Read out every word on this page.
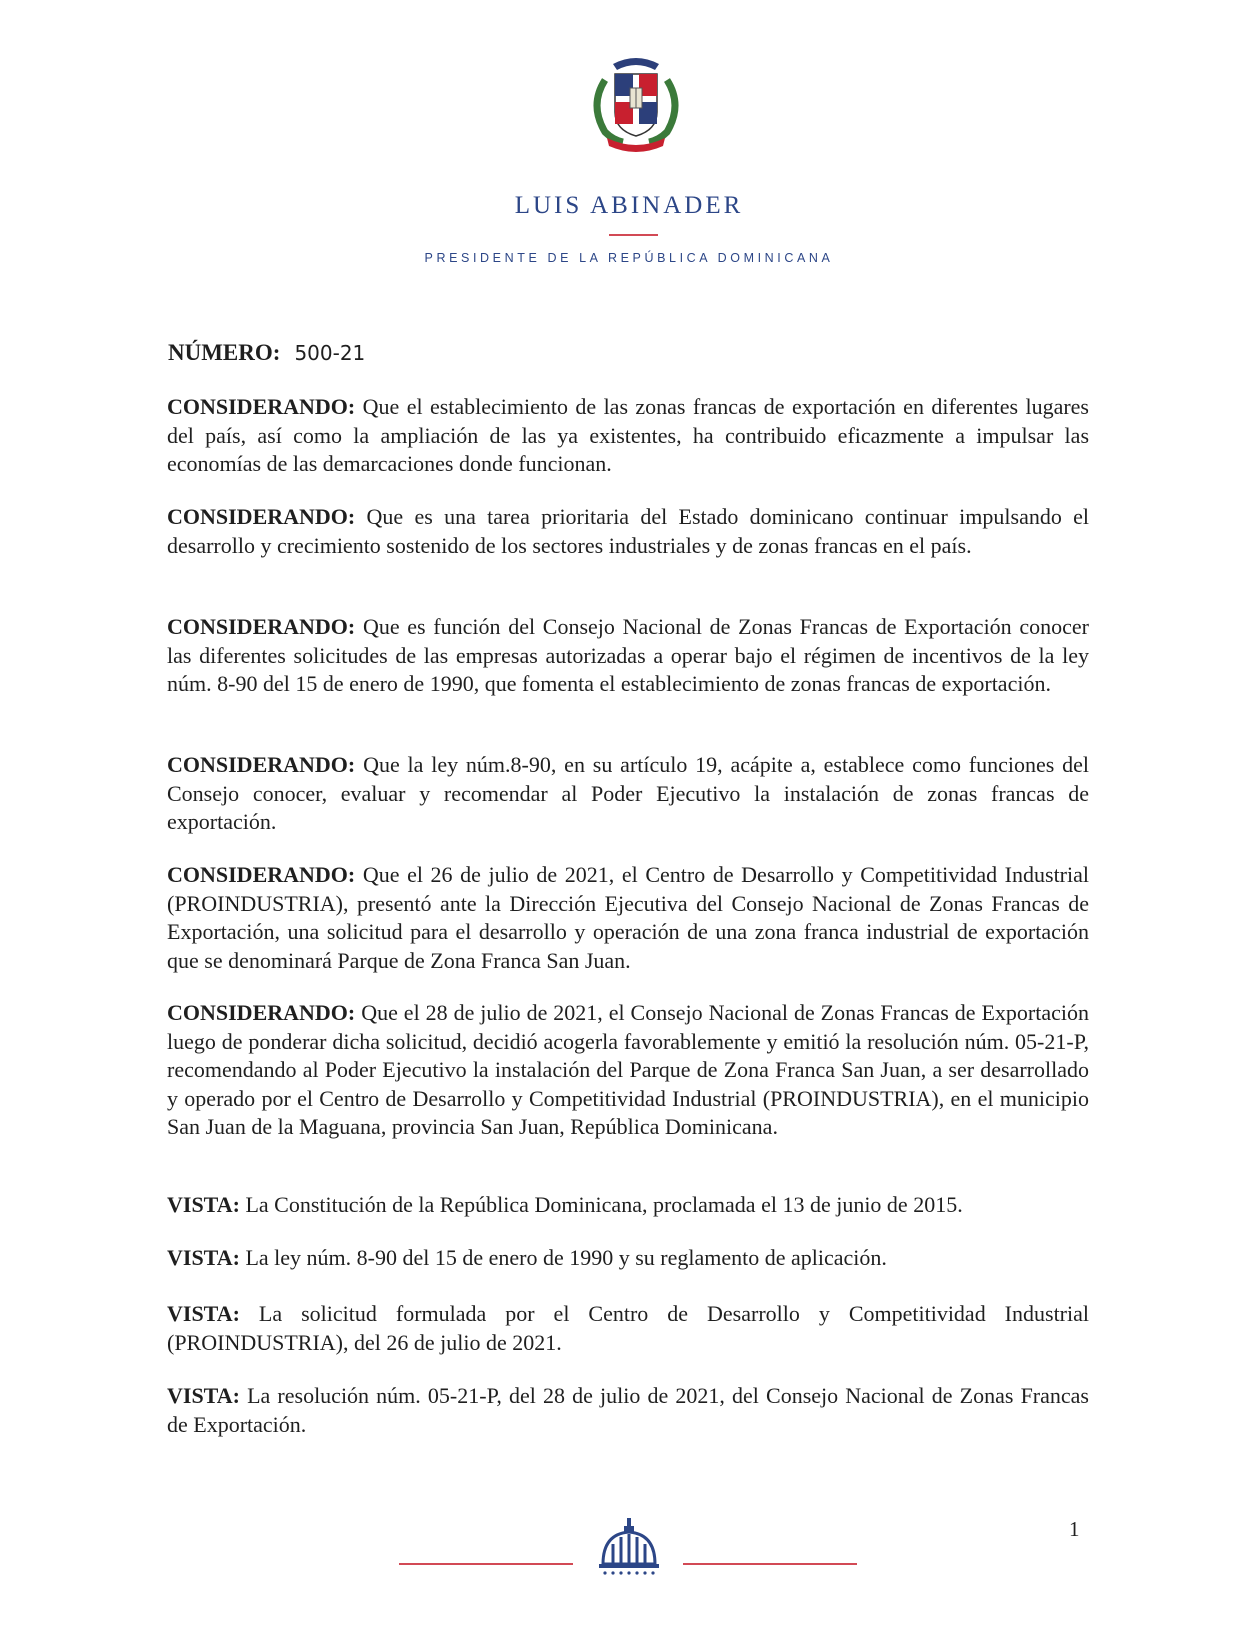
LUIS ABINADER
PRESIDENTE DE LA REPÚBLICA DOMINICANA
NÚMERO: 500-21

CONSIDERANDO: Que el establecimiento de las zonas francas de exportación en diferentes lugares del país, así como la ampliación de las ya existentes, ha contribuido eficazmente a impulsar las economías de las demarcaciones donde funcionan.

CONSIDERANDO: Que es una tarea prioritaria del Estado dominicano continuar impulsando el desarrollo y crecimiento sostenido de los sectores industriales y de zonas francas en el país.

CONSIDERANDO: Que es función del Consejo Nacional de Zonas Francas de Exportación conocer las diferentes solicitudes de las empresas autorizadas a operar bajo el régimen de incentivos de la ley núm. 8-90 del 15 de enero de 1990, que fomenta el establecimiento de zonas francas de exportación.

CONSIDERANDO: Que la ley núm.8-90, en su artículo 19, acápite a, establece como funciones del Consejo conocer, evaluar y recomendar al Poder Ejecutivo la instalación de zonas francas de exportación.

CONSIDERANDO: Que el 26 de julio de 2021, el Centro de Desarrollo y Competitividad Industrial (PROINDUSTRIA), presentó ante la Dirección Ejecutiva del Consejo Nacional de Zonas Francas de Exportación, una solicitud para el desarrollo y operación de una zona franca industrial de exportación que se denominará Parque de Zona Franca San Juan.

CONSIDERANDO: Que el 28 de julio de 2021, el Consejo Nacional de Zonas Francas de Exportación luego de ponderar dicha solicitud, decidió acogerla favorablemente y emitió la resolución núm. 05-21-P, recomendando al Poder Ejecutivo la instalación del Parque de Zona Franca San Juan, a ser desarrollado y operado por el Centro de Desarrollo y Competitividad Industrial (PROINDUSTRIA), en el municipio San Juan de la Maguana, provincia San Juan, República Dominicana.

VISTA: La Constitución de la República Dominicana, proclamada el 13 de junio de 2015.

VISTA: La ley núm. 8-90 del 15 de enero de 1990 y su reglamento de aplicación.

VISTA: La solicitud formulada por el Centro de Desarrollo y Competitividad Industrial (PROINDUSTRIA), del 26 de julio de 2021.

VISTA: La resolución núm. 05-21-P, del 28 de julio de 2021, del Consejo Nacional de Zonas Francas de Exportación.

1
